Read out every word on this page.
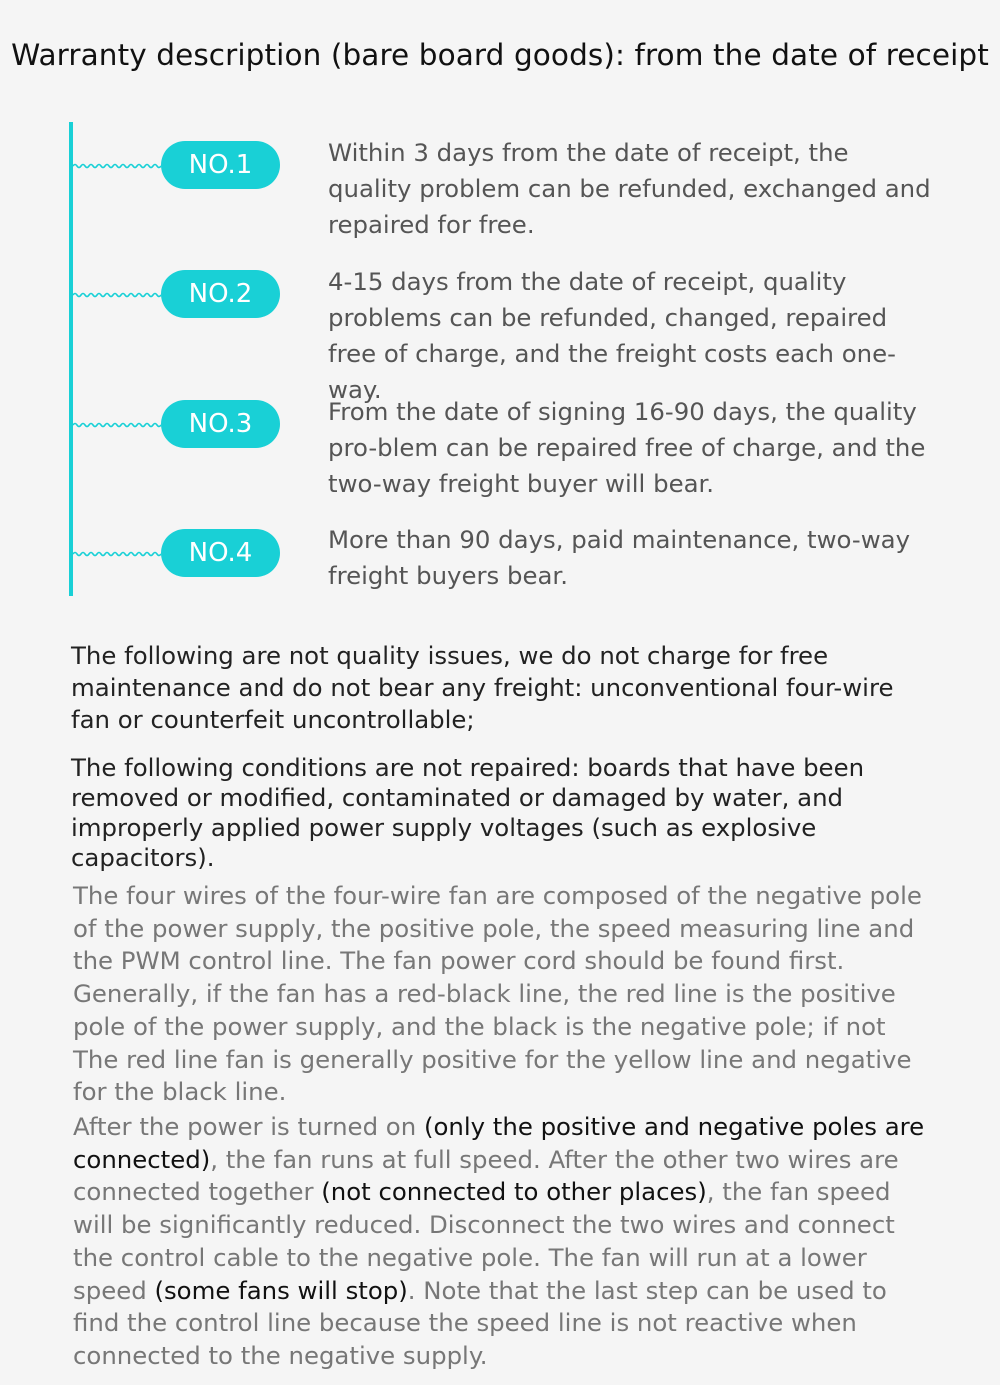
Warranty description (bare board goods): from the date of receipt
NO.1	Within 3 days from the date of receipt, the quality problem can be refunded, exchanged and repaired for free.
NO.2	4-15 days from the date of receipt, quality problems can be refunded, changed, repaired free of charge, and the freight costs each one-way.
NO.3	From the date of signing 16-90 days, the quality pro-blem can be repaired free of charge, and the two-way freight buyer will bear.
NO.4	More than 90 days, paid maintenance, two-way freight buyers bear.
The following are not quality issues, we do not charge for free maintenance and do not bear any freight: unconventional four-wire fan or counterfeit uncontrollable;
The following conditions are not repaired: boards that have been removed or modified, contaminated or damaged by water, and improperly applied power supply voltages (such as explosive capacitors).
The four wires of the four-wire fan are composed of the negative pole of the power supply, the positive pole, the speed measuring line and the PWM control line. The fan power cord should be found first. Generally, if the fan has a red-black line, the red line is the positive pole of the power supply, and the black is the negative pole; if not The red line fan is generally positive for the yellow line and negative for the black line.
After the power is turned on (only the positive and negative poles are connected), the fan runs at full speed. After the other two wires are connected together (not connected to other places), the fan speed will be significantly reduced. Disconnect the two wires and connect the control cable to the negative pole. The fan will run at a lower speed (some fans will stop). Note that the last step can be used to find the control line because the speed line is not reactive when connected to the negative supply.
